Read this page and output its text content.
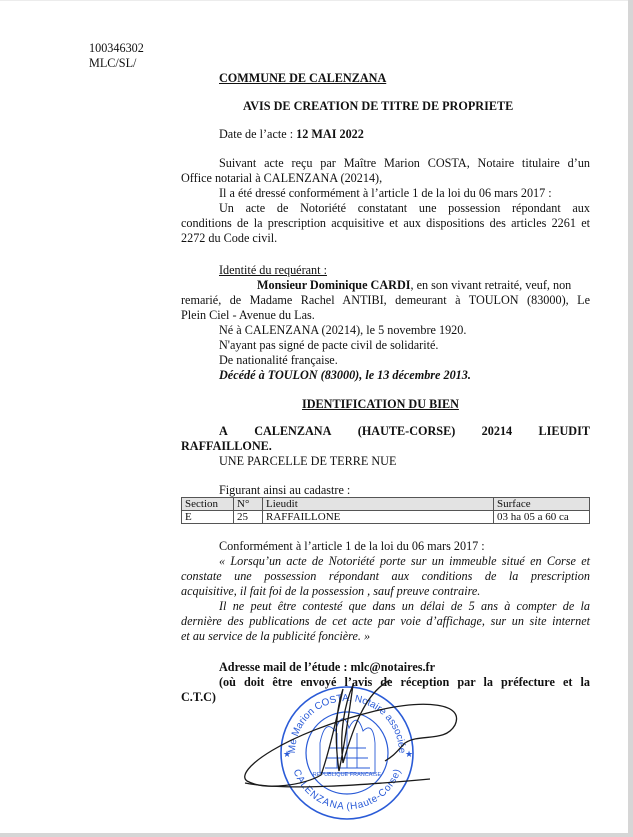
100346302
MLC/SL/
COMMUNE DE CALENZANA
AVIS DE CREATION DE TITRE DE PROPRIETE
Date de l’acte : 12 MAI 2022
Suivant acte reçu par Maître Marion COSTA, Notaire titulaire d’un
Office notarial à CALENZANA (20214),
Il a été dressé conformément à l’article 1 de la loi du 06 mars 2017 :
Un acte de Notoriété constatant une possession répondant aux
conditions de la prescription acquisitive et aux dispositions des articles 2261 et
2272 du Code civil.
Identité du requérant :
Monsieur Dominique CARDI, en son vivant retraité, veuf, non
remarié, de Madame Rachel ANTIBI, demeurant à TOULON (83000), Le
Plein Ciel - Avenue du Las.
Né à CALENZANA (20214), le 5 novembre 1920.
N'ayant pas signé de pacte civil de solidarité.
De nationalité française.
Décédé à TOULON (83000), le 13 décembre 2013.
IDENTIFICATION DU BIEN
A CALENZANA (HAUTE-CORSE) 20214 LIEUDIT
RAFFAILLONE.
UNE PARCELLE DE TERRE NUE
Figurant ainsi au cadastre :
Section	N°	Lieudit	Surface
E	25	RAFFAILLONE	03 ha 05 a 60 ca
Conformément à l’article 1 de la loi du 06 mars 2017 :
« Lorsqu’un acte de Notoriété porte sur un immeuble situé en Corse et
constate une possession répondant aux conditions de la prescription
acquisitive, il fait foi de la possession , sauf preuve contraire.
Il ne peut être contesté que dans un délai de 5 ans à compter de la
dernière des publications de cet acte par voie d’affichage, sur un site internet
et au service de la publicité foncière. »
Adresse mail de l’étude : mlc@notaires.fr
(où doit être envoyé l’avis de réception par la préfecture et la
C.T.C)
Me Marion COSTA, Notaire associée
CALENZANA (Haute-Corse)
★	★
REPUBLIQUE FRANCAISE
